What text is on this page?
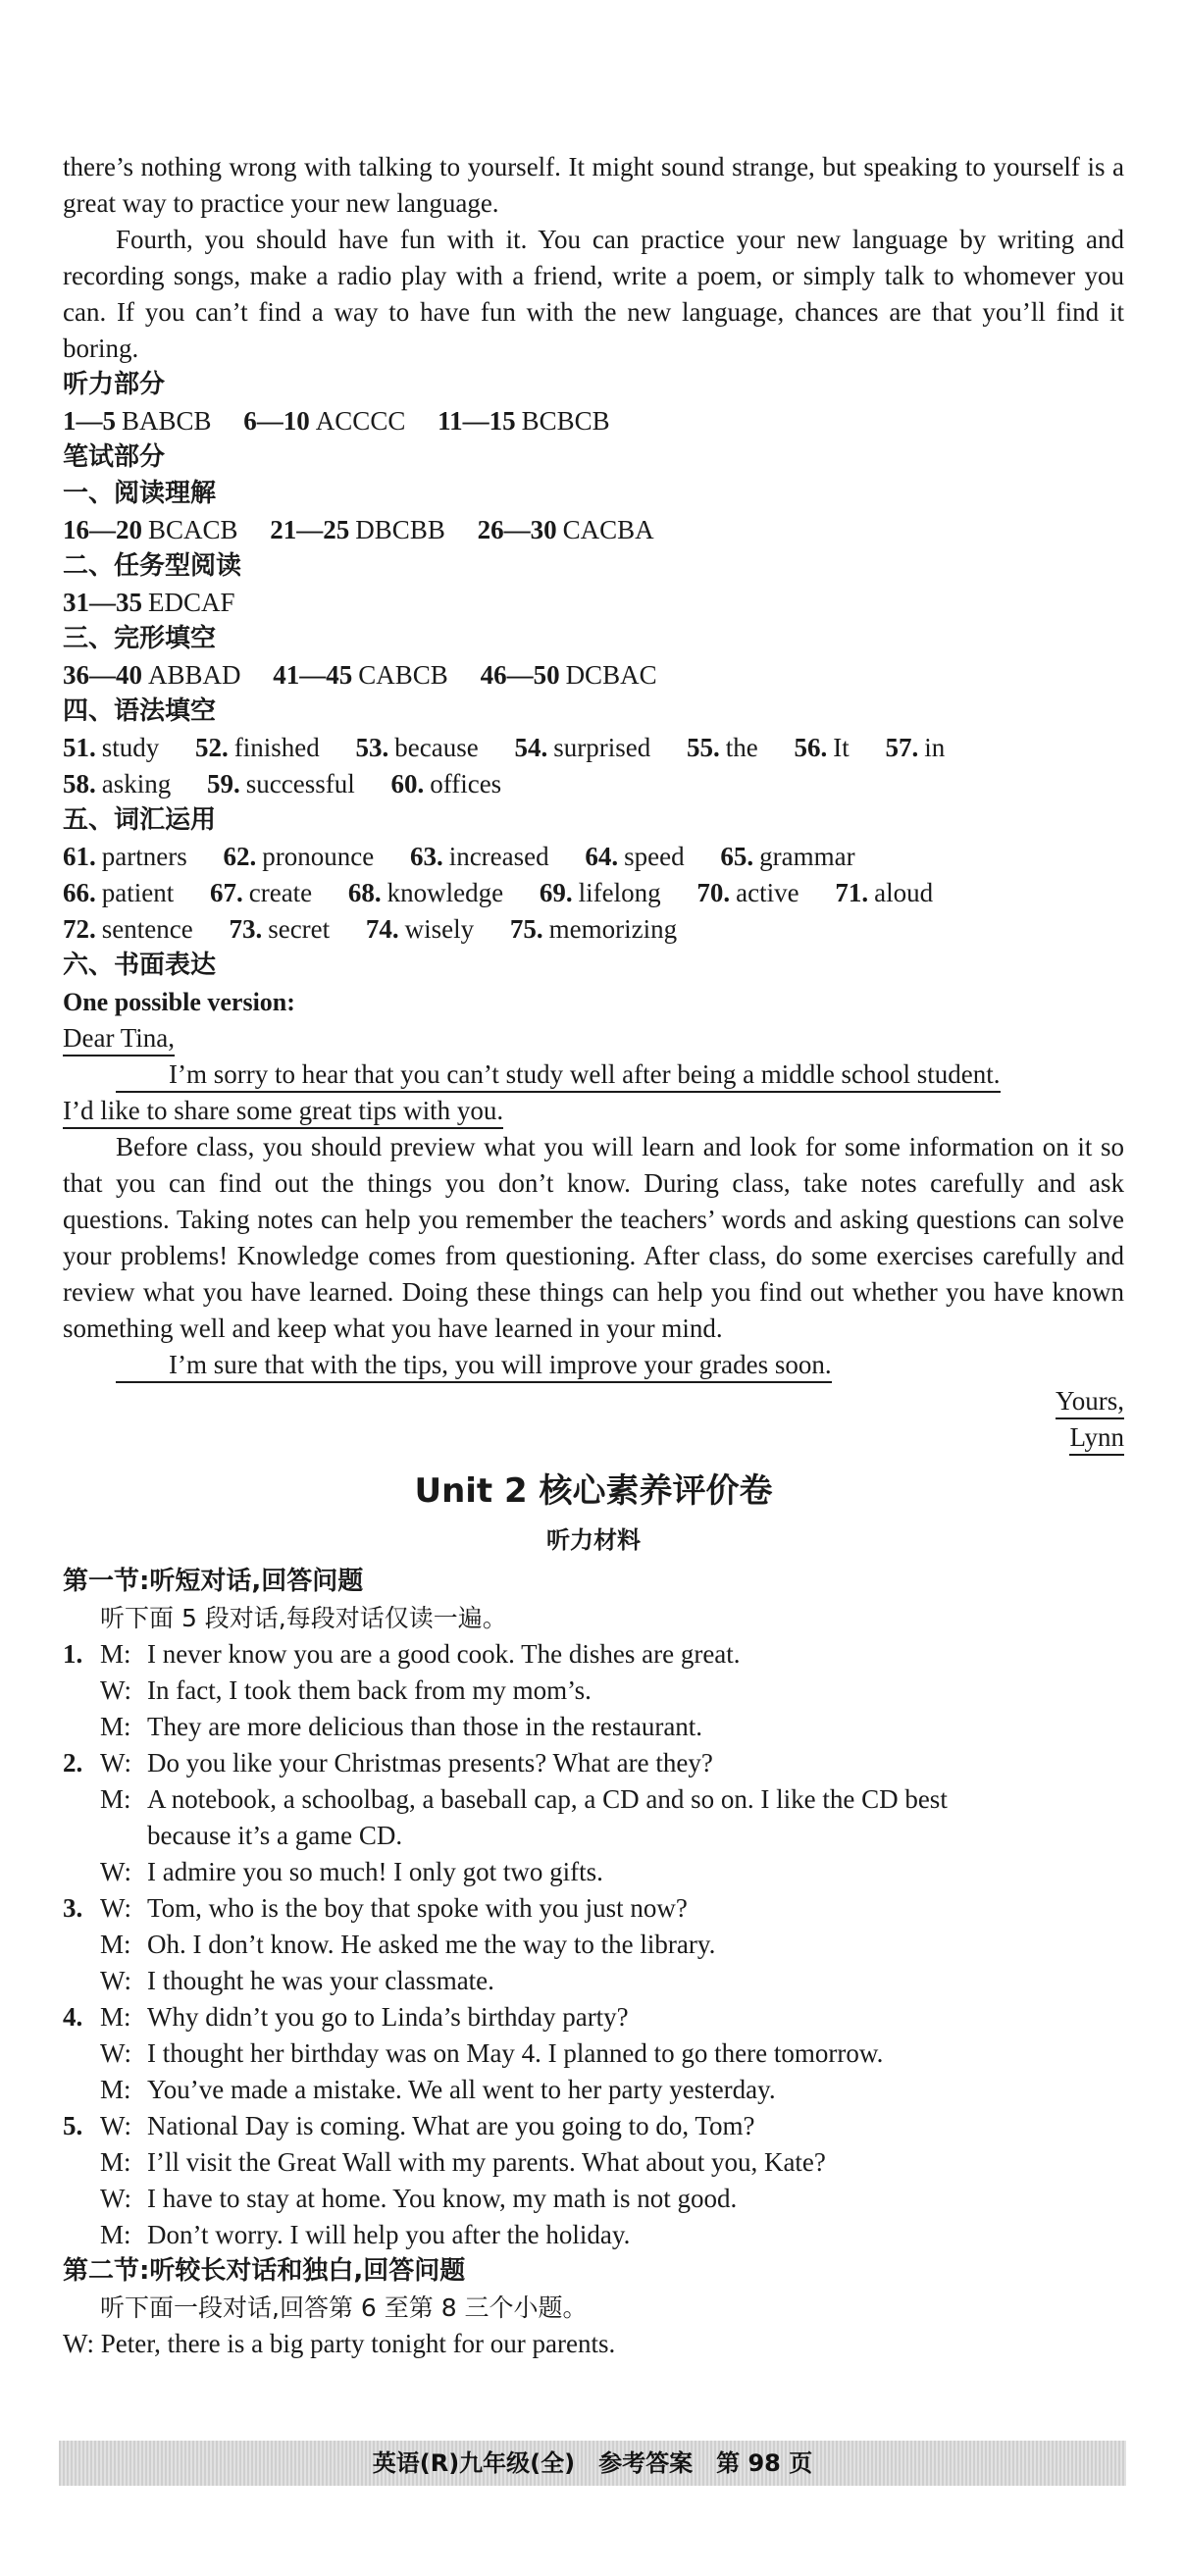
there’s nothing wrong with talking to yourself. It might sound strange, but speaking to yourself is a great way to practice your new language.

Fourth, you should have fun with it. You can practice your new language by writing and recording songs, make a radio play with a friend, write a poem, or simply talk to whomever you can. If you can’t find a way to have fun with the new language, chances are that you’ll find it boring.

听力部分

1—5 BABCB 6—10 ACCCC 11—15 BCBCB

笔试部分

一、阅读理解

16—20 BCACB 21—25 DBCBB 26—30 CACBA

二、任务型阅读

31—35 EDCAF

三、完形填空

36—40 ABBAD 41—45 CABCB 46—50 DCBAC

四、语法填空

51. study 52. finished 53. because 54. surprised 55. the 56. It 57. in

58. asking 59. successful 60. offices

五、词汇运用

61. partners 62. pronounce 63. increased 64. speed 65. grammar

66. patient 67. create 68. knowledge 69. lifelong 70. active 71. aloud

72. sentence 73. secret 74. wisely 75. memorizing

六、书面表达

One possible version:

Dear Tina,

I’m sorry to hear that you can’t study well after being a middle school student.

I’d like to share some great tips with you.

Before class, you should preview what you will learn and look for some information on it so that you can find out the things you don’t know. During class, take notes carefully and ask questions. Taking notes can help you remember the teachers’ words and asking questions can solve your problems! Knowledge comes from questioning. After class, do some exercises carefully and review what you have learned. Doing these things can help you find out whether you have known something well and keep what you have learned in your mind.

I’m sure that with the tips, you will improve your grades soon.

Yours,

Lynn

Unit 2 核心素养评价卷

听力材料

第一节:听短对话,回答问题

听下面 5 段对话,每段对话仅读一遍。

1. M: I never know you are a good cook. The dishes are great.

W: In fact, I took them back from my mom’s.

M: They are more delicious than those in the restaurant.

2. W: Do you like your Christmas presents? What are they?

M: A notebook, a schoolbag, a baseball cap, a CD and so on. I like the CD best

because it’s a game CD.

W: I admire you so much! I only got two gifts.

3. W: Tom, who is the boy that spoke with you just now?

M: Oh. I don’t know. He asked me the way to the library.

W: I thought he was your classmate.

4. M: Why didn’t you go to Linda’s birthday party?

W: I thought her birthday was on May 4. I planned to go there tomorrow.

M: You’ve made a mistake. We all went to her party yesterday.

5. W: National Day is coming. What are you going to do, Tom?

M: I’ll visit the Great Wall with my parents. What about you, Kate?

W: I have to stay at home. You know, my math is not good.

M: Don’t worry. I will help you after the holiday.

第二节:听较长对话和独白,回答问题

听下面一段对话,回答第 6 至第 8 三个小题。

W: Peter, there is a big party tonight for our parents.

英语(R)九年级(全)　参考答案　第 98 页
